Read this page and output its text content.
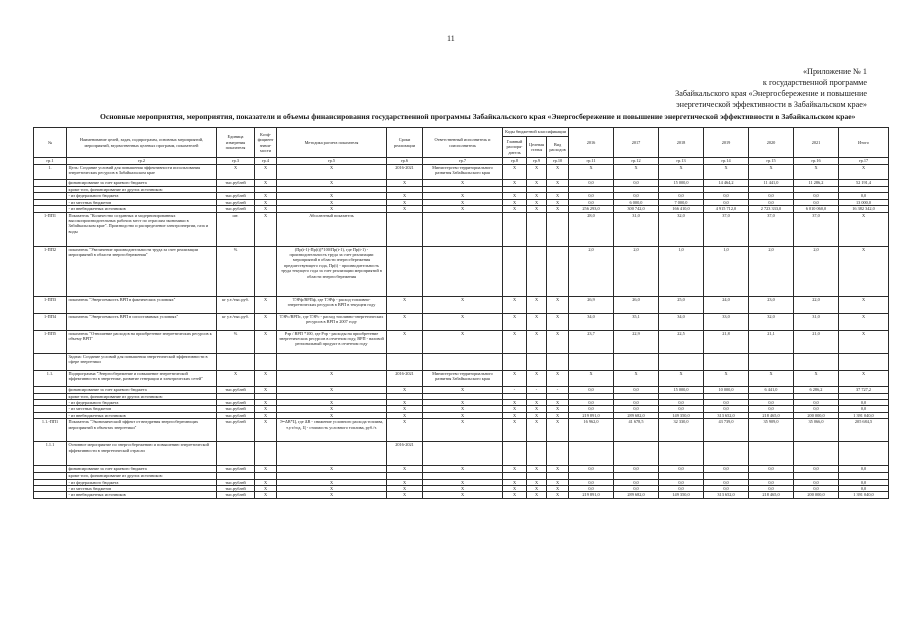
11
«Приложение № 1
к государственной программе
Забайкальского края «Энергосбережение и повышение
энергетической эффективности в Забайкальском крае»
Основные мероприятия, мероприятия, показатели и объемы финансирования государственной программы Забайкальского края «Энергосбережение и повышение энергетической эффективности в Забайкальском крае»
№	Наименование целей, задач, подпрограмм, основных мероприятий, мероприятий, ведомственных целевых программ, показателей	Единица измерения показателя	Коэф-фициент значи-мости	Методика расчета показателя	Сроки реализации	Ответственный исполнитель и соисполнитель	Коды бюджетной классификации			2016	2017	2018	2019	2020	2021	Итого
							Главный распоря-дитель	Целевая статья	Вид расходов							
гр.1	гр.2	гр.3	гр.4	гр.5	гр.6	гр.7	гр.8	гр.9	гр.10	гр.11	гр.12	гр.13	гр.14	гр.15	гр.16	гр.17
1.	Цель: Создание условий для повышения эффективности использования энергетических ресурсов в Забайкальском крае	X	X	X	2016-2021	Министерство территориального развития Забайкальского края	X	X	X	X	X	X	X	X	X	X
	финансирование за счет краевого бюджета	тыс.рублей	X	X	X	X	X	X	X	0,0	0,0	15 000,0	14 464,2	11 441,0	11 286,2	52 191,4
	кроме того, финансирование из других источников:															
	- из федерального бюджета	тыс.рублей	X	X	X	X	X	X	X	0,0	0,0	0,0	0,0	0,0	0,0	0,0
	- из местных бюджетов	тыс.рублей	X	X	X	X	X	X	X	0,0	6 000,0	7 000,0	0,0	0,0	0,0	13 000,0
	- из внебюджетных источников	тыс.рублей	X	X	X	X	X	X	X	256 293,0	300 742,0	166 410,0	4 915 712,0	2 723 333,0	6 010 060,0	16 382 342,0
1-ПП1	Показатель "Количество созданных и модернизированных высокопроизводительных рабочих мест по отраслям экономики в Забайкальском крае". Производство и распределение электроэнергии, газа и воды	шт.	X	Абсолютный показатель						28,0	31,0	32,0	37,0	37,0	37,0	X
1-ПП2	показатель "Увеличение производительности труда за счет реализации мероприятий в области энергосбережения"	%		(Пр(t-1)-Пр(t))*100/Пр(t-1), где Пр(t-1) - производительность труда за счет реализации мероприятий в области энергосбережения предшествующего года, Пр(t) - производительность труда текущего года за счет реализации мероприятий в области энергосбережения						2,0	2,0	1,0	1,0	2,0	2,0	X
1-ПП3	показатель "Энергоемкость ВРП в фактических условиях"	кг у.т./тыс.руб.	X	ТЭРф/ВРПф, где ТЭРф - расход топливно-энергетических ресурсов в ВРП в текущем году	X	X	X	X	X	26,9	26,0	25,0	24,0	23,0	22,0	X
1-ПП4	показатель "Энергоемкость ВРП в сопоставимых условиях"	кг у.т./тыс.руб.	X	ТЭРс/ВРПс, где ТЭРс - расход топливно-энергетических ресурсов в ВРП в 2007 году	X	X	X	X	X	34,0	35,1	34,0	33,0	32,0	31,0	X
1-ПП5	показатель "Отношение расходов на приобретение энергетических ресурсов к объему ВРП"	%	X	Рэр / ВРП *100, где Рэр - расходы на приобретение энергетических ресурсов в отчетном году, ВРП - валовой региональный продукт в отчетном году	X	X	X	X	X	23,7	22,9	22,5	21,8	21,1	21,0	X
	Задача: Создание условий для повышения энергетической эффективности в сфере энергетики															
1.1.	Подпрограмма "Энергосбережение и повышение энергетической эффективности в энергетике, развитие генерации и электрических сетей"	X	X	X	2016-2021	Министерство территориального развития Забайкальского края	X	X	X	X	X	X	X	X	X	X
	финансирование за счет краевого бюджета	тыс.рублей	X	X	X	X	-	-	-	0,0	0,0	15 000,0	10 000,0	6 441,0	6 286,2	37 727,2
	кроме того, финансирование из других источников:															
	- из федерального бюджета	тыс.рублей	X	X	X	X	X	X	X	0,0	0,0	0,0	0,0	0,0	0,0	0,0
	- из местных бюджетов	тыс.рублей	X	X	X	X	X	X	X	0,0	0,0	0,0	0,0	0,0	0,0	0,0
	- из внебюджетных источников	тыс.рублей	X	X	X	X	X	X	X	219 891,0	289 682,0	149 350,0	313 652,0	218 465,0	200 000,0	1 391 040,0
1.1.-ПП1	Показатель "Экономический эффект от внедрения энергосберегающих мероприятий в объектах энергетики"	тыс.рублей	X	Э=ΔВ*Ц, где ΔВ - снижение условного расхода топлива, т.у.т/год, Ц - стоимость условного топлива, руб./т.	X	X	X	X	X	16 962,0	41 678,5	32 330,0	43 739,0	35 909,0	35 066,0	205 684,5
1.1.1	Основное мероприятие по энергосбережению и повышению энергетической эффективности в энергетической отрасли				2016-2021											
	финансирование за счет краевого бюджета	тыс.рублей	X	X	X	X	X	X	X	0,0	0,0	0,0	0,0	0,0	0,0	0,0
	кроме того, финансирование из других источников:															
	- из федерального бюджета	тыс.рублей	X	X	X	X	X	X	X	0,0	0,0	0,0	0,0	0,0	0,0	0,0
	- из местных бюджетов	тыс.рублей	X	X	X	X	X	X	X	0,0	0,0	0,0	0,0	0,0	0,0	0,0
	- из внебюджетных источников	тыс.рублей	X	X	X	X	X	X	X	219 891,0	289 682,0	149 350,0	313 652,0	218 465,0	200 000,0	1 391 040,0
